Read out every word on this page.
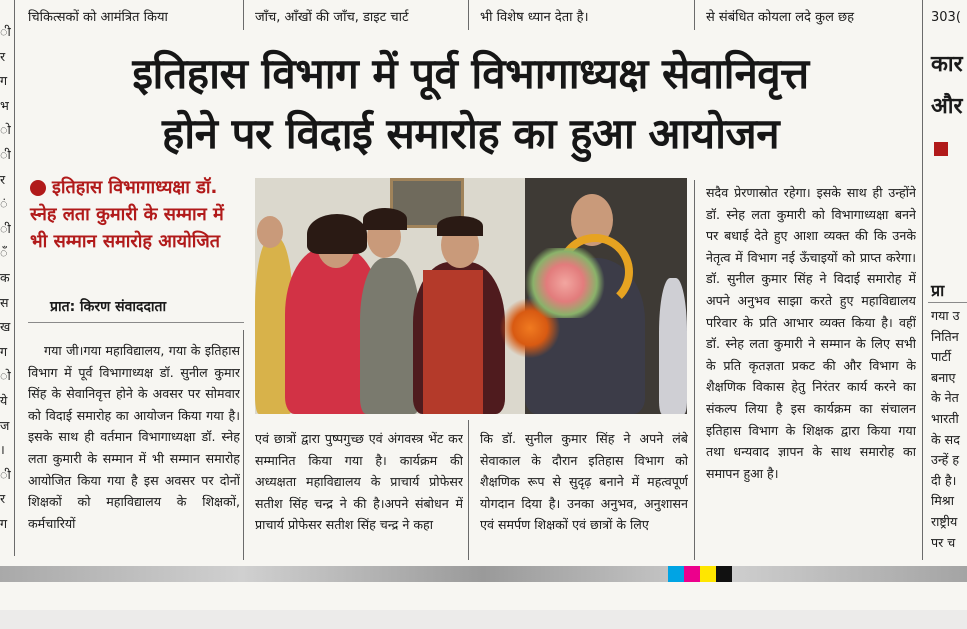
ी
र
ग
भ
ो
ी
र
ं
ी
ँ
क
स
ख
ग
ो
ये
ज
।
ी
र
ग
चिकित्सकों को आमंत्रित किया	जाँच, आँखों की जाँच, डाइट चार्ट	भी विशेष ध्यान देता है।	से संबंधित कोयला लदे कुल छह	303(
इतिहास विभाग में पूर्व विभागाध्यक्ष सेवानिवृत्त
होने पर विदाई समारोह का हुआ आयोजन
इतिहास विभागाध्यक्षा डॉ. स्नेह लता कुमारी के सम्मान में भी सम्मान समारोह आयोजित
प्रात: किरण संवाददाता

गया जी।गया महाविद्यालय, गया के इतिहास विभाग में पूर्व विभागाध्यक्ष डॉ. सुनील कुमार सिंह के सेवानिवृत्त होने के अवसर पर सोमवार को विदाई समारोह का आयोजन किया गया है। इसके साथ ही वर्तमान विभागाध्यक्षा डॉ. स्नेह लता कुमारी के सम्मान में भी सम्मान समारोह आयोजित किया गया है इस अवसर पर दोनों शिक्षकों को महाविद्यालय के शिक्षकों, कर्मचारियों

एवं छात्रों द्वारा पुष्पगुच्छ एवं अंगवस्त्र भेंट कर सम्मानित किया गया है। कार्यक्रम की अध्यक्षता महाविद्यालय के प्राचार्य प्रोफेसर सतीश सिंह चन्द्र ने की है।अपने संबोधन में प्राचार्य प्रोफेसर सतीश सिंह चन्द्र ने कहा

कि डॉ. सुनील कुमार सिंह ने अपने लंबे सेवाकाल के दौरान इतिहास विभाग को शैक्षणिक रूप से सुदृढ़ बनाने में महत्वपूर्ण योगदान दिया है। उनका अनुभव, अनुशासन एवं समर्पण शिक्षकों एवं छात्रों के लिए

सदैव प्रेरणास्रोत रहेगा। इसके साथ ही उन्होंने डॉ. स्नेह लता कुमारी को विभागाध्यक्षा बनने पर बधाई देते हुए आशा व्यक्त की कि उनके नेतृत्व में विभाग नई ऊँचाइयों को प्राप्त करेगा।डॉ. सुनील कुमार सिंह ने विदाई समारोह में अपने अनुभव साझा करते हुए महाविद्यालय परिवार के प्रति आभार व्यक्त किया है। वहीं डॉ. स्नेह लता कुमारी ने सम्मान के लिए सभी के प्रति कृतज्ञता प्रकट की और विभाग के शैक्षणिक विकास हेतु निरंतर कार्य करने का संकल्प लिया है इस कार्यक्रम का संचालन इतिहास विभाग के शिक्षक द्वारा किया गया तथा धन्यवाद ज्ञापन के साथ समारोह का समापन हुआ है।

कार
और
प्रा
गया उ
नितिन
पार्टी
बनाए
के नेत
भारती
के सद
उन्हें ह
दी है।
मिश्रा
राष्ट्रीय
पर च
